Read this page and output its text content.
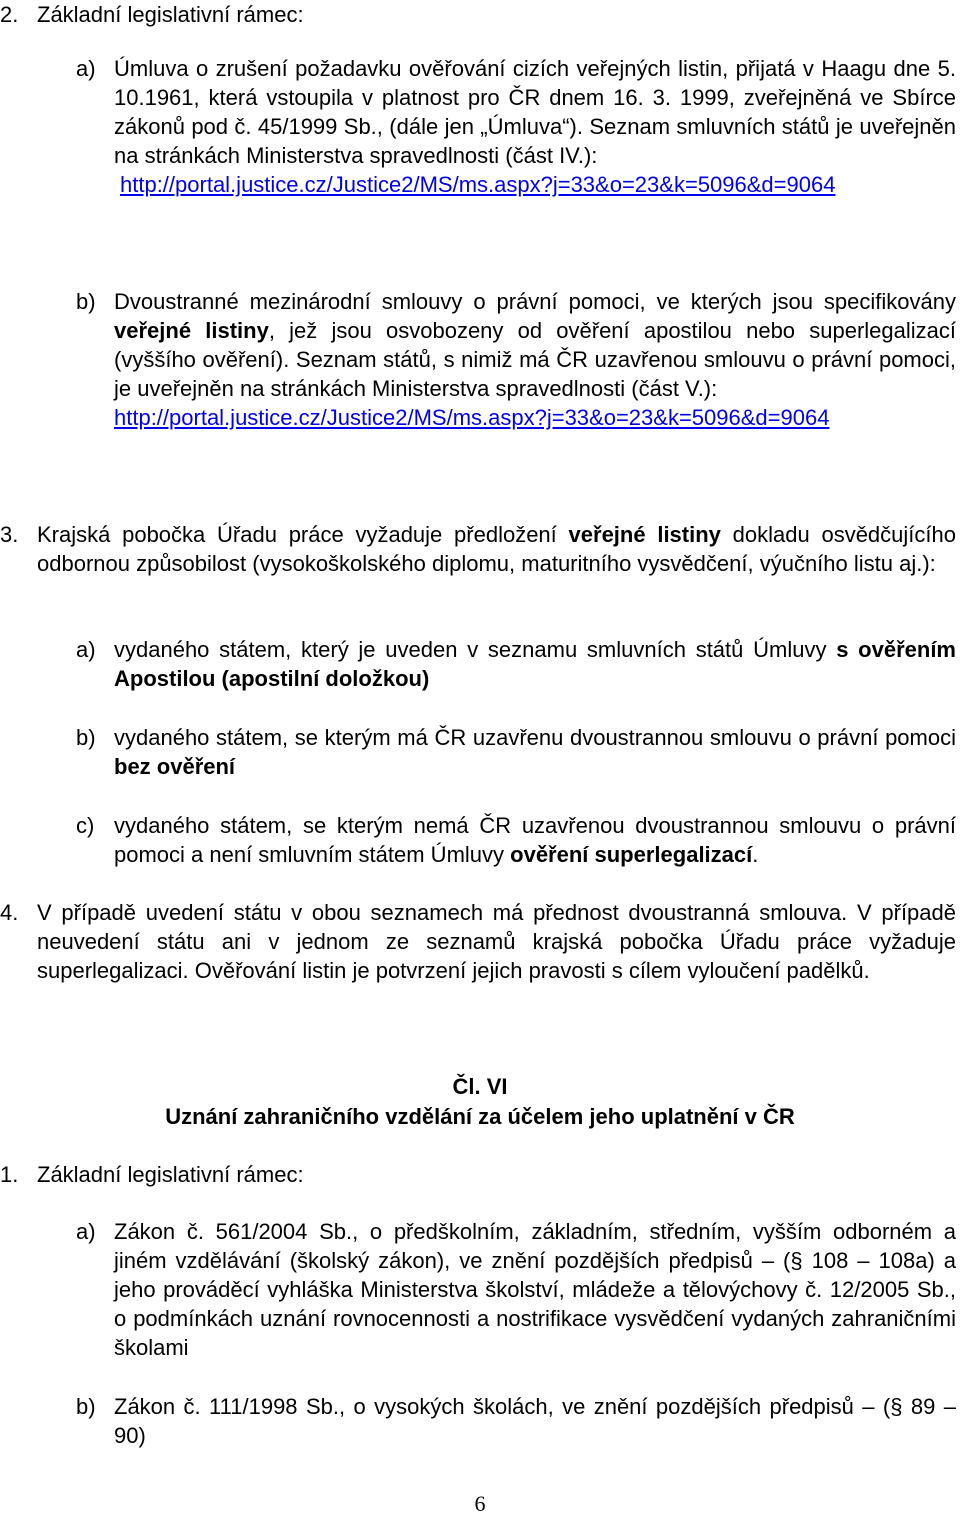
2. Základní legislativní rámec:
a) Úmluva o zrušení požadavku ověřování cizích veřejných listin, přijatá v Haagu dne 5. 10.1961, která vstoupila v platnost pro ČR dnem 16. 3. 1999, zveřejněná ve Sbírce zákonů pod č. 45/1999 Sb., (dále jen „Úmluva“). Seznam smluvních států je uveřejněn na stránkách Ministerstva spravedlnosti (část IV.):
http://portal.justice.cz/Justice2/MS/ms.aspx?j=33&o=23&k=5096&d=9064
b) Dvoustranné mezinárodní smlouvy o právní pomoci, ve kterých jsou specifikovány veřejné listiny, jež jsou osvobozeny od ověření apostilou nebo superlegalizací (vyššího ověření). Seznam států, s nimiž má ČR uzavřenou smlouvu o právní pomoci, je uveřejněn na stránkách Ministerstva spravedlnosti (část V.):
http://portal.justice.cz/Justice2/MS/ms.aspx?j=33&o=23&k=5096&d=9064
3. Krajská pobočka Úřadu práce vyžaduje předložení veřejné listiny dokladu osvědčujícího odbornou způsobilost (vysokoškolského diplomu, maturitního vysvědčení, výučního listu aj.):
a) vydaného státem, který je uveden v seznamu smluvních států Úmluvy s ověřením Apostilou (apostilní doložkou)
b) vydaného státem, se kterým má ČR uzavřenu dvoustrannou smlouvu o právní pomoci bez ověření
c) vydaného státem, se kterým nemá ČR uzavřenou dvoustrannou smlouvu o právní pomoci a není smluvním státem Úmluvy ověření superlegalizací.
4. V případě uvedení státu v obou seznamech má přednost dvoustranná smlouva. V případě neuvedení státu ani v jednom ze seznamů krajská pobočka Úřadu práce vyžaduje superlegalizaci. Ověřování listin je potvrzení jejich pravosti s cílem vyloučení padělků.
Čl. VI
Uznání zahraničního vzdělání za účelem jeho uplatnění v ČR
1. Základní legislativní rámec:
a) Zákon č. 561/2004 Sb., o předškolním, základním, středním, vyšším odborném a jiném vzdělávání (školský zákon), ve znění pozdějších předpisů – (§ 108 – 108a) a jeho prováděcí vyhláška Ministerstva školství, mládeže a tělovýchovy č. 12/2005 Sb., o podmínkách uznání rovnocennosti a nostrifikace vysvědčení vydaných zahraničními školami
b) Zákon č. 111/1998 Sb., o vysokých školách, ve znění pozdějších předpisů – (§ 89 – 90)
6
